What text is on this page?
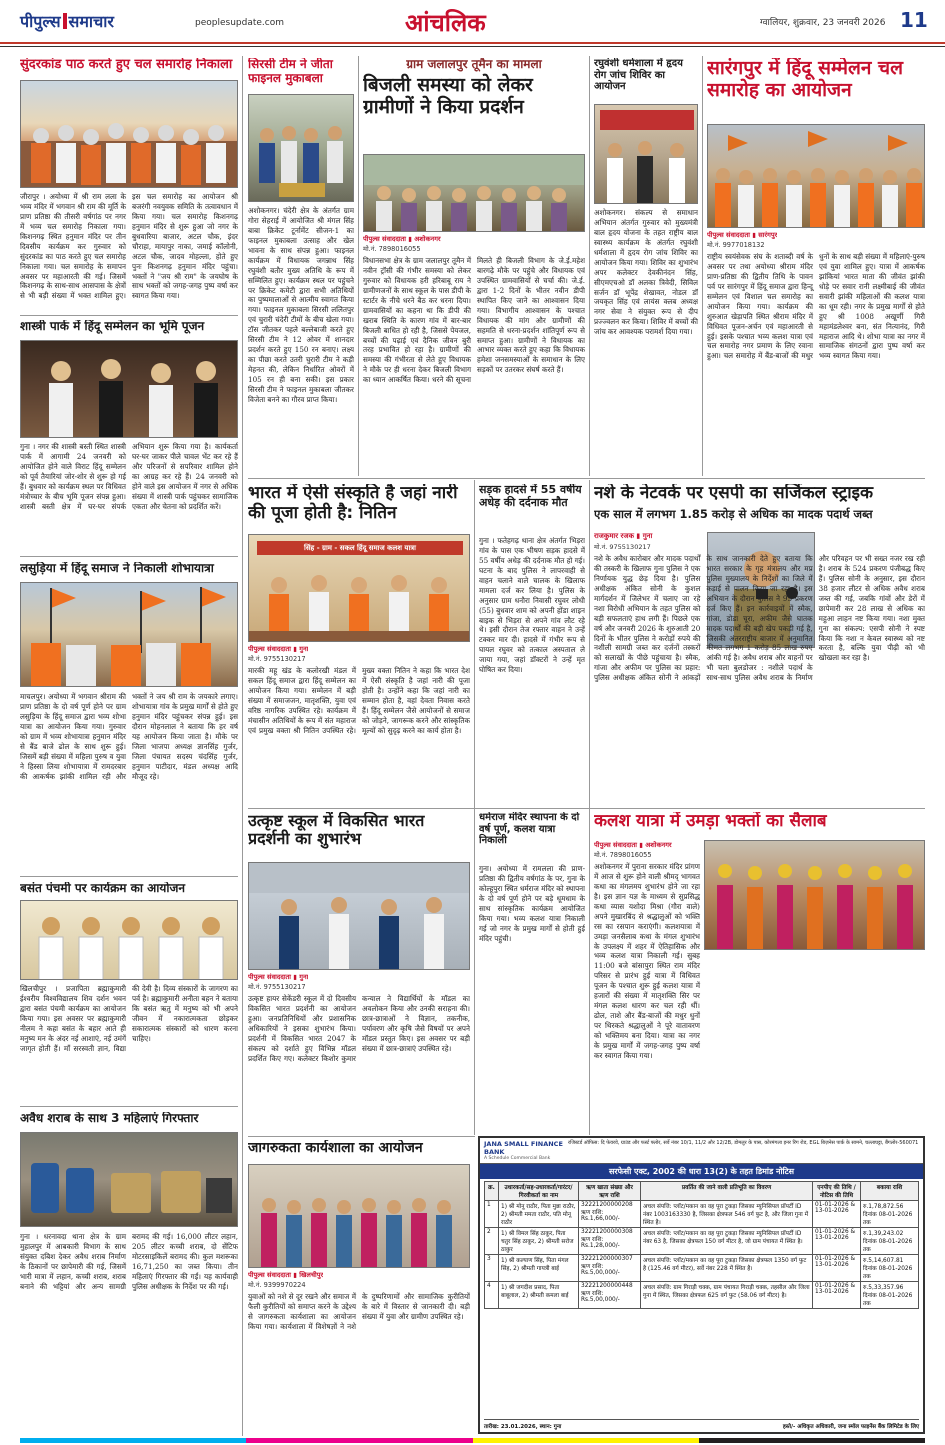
पीपुल्स समाचार	peoplesupdate.com	आंचलिक	ग्वालियर, शुक्रवार, 23 जनवरी 2026 11
सुंदरकांड पाठ करते हुए चल समारोह निकाला
जीरापुर । अयोध्या में श्री राम लला के भव्य मंदिर में भगवान श्री राम की मूर्ति के प्राण प्रतिष्ठा की तीसरी वर्षगांठ पर नगर में भव्य चल समारोह निकाला गया। किशनगढ़ स्थित हनुमान मंदिर पर तीन दिवसीय कार्यक्रम कर गुरुवार को सुंदरकांड का पाठ करते हुए चल समारोह निकाला गया। चल समारोह के समापन अवसर पर महाआरती की गई। जिसमें किशनगढ़ के साथ-साथ आसपास के क्षेत्रों से भी बड़ी संख्या में भक्त शामिल हुए। इस चल समारोह का आयोजन श्री बजरंगी नवयुवक समिति के तत्वावधान में किया गया। चल समारोह किशनगढ़ हनुमान मंदिर से शुरू हुआ जो नगर के बुधवारिया बाजार, अटल चौक, इंदर चौराहा, मायापुर नाका, जमाई कॉलोनी, अटल चौक, जादव मोहल्ला, होते हुए पुनः किशनगढ़ हनुमान मंदिर पहुंचा। भक्तों ने "जय श्री राम" के जयघोष के साथ भक्तों को जगह-जगह पुष्प वर्षा कर स्वागत किया गया।
शास्त्री पार्क में हिंदू सम्मेलन का भूमि पूजन
गुना । नगर की शास्त्री बस्ती स्थित शास्त्री पार्क में आगामी 24 जनवरी को आयोजित होने वाले विराट हिंदू सम्मेलन को पूर्व तैयारियां जोर-शोर से शुरू हो गई हैं। बुधवार को कार्यक्रम स्थल पर विधिवत मंत्रोच्चार के बीच भूमि पूजन संपन्न हुआ। शास्त्री बस्ती क्षेत्र में घर-घर संपर्क अभियान शुरू किया गया है। कार्यकर्ता घर-घर जाकर पीले चावल भेंट कर रहे हैं और परिजनों से सपरिवार शामिल होने का आग्रह कर रहे हैं। 24 जनवरी को होने वाले इस आयोजन में नगर से अधिक संख्या में शास्त्री पार्क पहुंचकर सामाजिक एकता और चेतना को प्रदर्शित करें।
लसुड़िया में हिंदू समाज ने निकाली शोभायात्रा
माचलपुर। अयोध्या में भगवान श्रीराम की प्राण प्रतिष्ठा के दो वर्ष पूर्ण होने पर ग्राम लसुड़िया के हिंदू समाज द्वारा भव्य शोभा यात्रा का आयोजन किया गया। गुरुवार को ग्राम में भव्य शोभायात्रा हनुमान मंदिर से बैंड बाजे ढोल के साथ शुरू हुई। जिसमें बड़ी संख्या में महिला पुरुष व युवा ने हिस्सा लिया शोभायात्रा में रामदरबार की आकर्षक झांकी शामिल रही और भक्तों ने जय श्री राम के जयकारे लगाए। शोभायात्रा गांव के प्रमुख मार्गों से होते हुए हनुमान मंदिर पहुंचकर संपन्न हुई। इस दौरान मोहनलाल ने बताया कि हर वर्ष यह आयोजन किया जाता है। मौके पर जिला भाजपा अध्यक्ष ज्ञानसिंह गुर्जर, जिला पंचायत सदस्य चंदसिंह गुर्जर, हनुमान पाटीदार, मंडल अध्यक्ष आदि मौजूद रहे।
बसंत पंचमी पर कार्यक्रम का आयोजन
खिलचीपुर । प्रजापिता ब्रह्माकुमारी ईश्वरीय विश्वविद्यालय शिव दर्शन भवन द्वारा बसंत पंचमी कार्यक्रम का आयोजन किया गया। इस अवसर पर ब्रह्माकुमारी नीलम ने कहा बसंत के बहार आते ही मनुष्य मन के अंदर नई आशाएं, नई उमंगें जागृत होती हैं। माँ सरस्वती ज्ञान, विद्या की देवी है। दिव्य संस्कारों के जागरण का पर्व है। ब्रह्माकुमारी अनीता बहन ने बताया कि बसंत ऋतु में मनुष्य को भी अपने जीवन में नकारात्मकता छोड़कर सकारात्मक संस्कारों को धारण करना चाहिए।
अवैध शराब के साथ 3 महिलाएं गिरफ्तार
गुना । धरनावदा थाना क्षेत्र के ग्राम मुहालपुर में आबकारी विभाग के साथ संयुक्त दबिश देकर अवैध शराब निर्माण के ठिकानों पर छापेमारी की गई, जिसमें भारी मात्रा में लहान, कच्ची शराब, शराब बनाने की भट्टियां और अन्य सामग्री बरामद की गई। 16,000 लीटर लहान, 205 लीटर कच्ची शराब, दो सेंटिफ मोटरसाइकिलें बरामद की। कुल मशरूका 16,71,250 का जब्त किया। तीन महिलाएं गिरफ्तार की गईं। यह कार्यवाही पुलिस अधीक्षक के निर्देश पर की गई।
सिरसी टीम ने जीता फाइनल मुकाबला
अशोकनगर। चंदेरी क्षेत्र के अंतर्गत ग्राम गोरा सेहराई में आयोजित श्री मंगल सिंह बाबा क्रिकेट टूर्नामेंट सीजन-1 का फाइनल मुकाबला उत्साह और खेल भावना के साथ संपन्न हुआ। फाइनल कार्यक्रम में विधायक जगन्नाथ सिंह रघुवंशी बतौर मुख्य अतिथि के रूप में सम्मिलित हुए। कार्यक्रम स्थल पर पहुंचने पर क्रिकेट कमेटी द्वारा सभी अतिथियों का पुष्पमालाओं से आत्मीय स्वागत किया गया। फाइनल मुकाबला सिरसी ललितपुर एवं चुरारी चंदेरी टीमों के बीच खेला गया। टॉस जीतकर पहले बल्लेबाजी करते हुए सिरसी टीम ने 12 ओवर में शानदार प्रदर्शन करते हुए 150 रन बनाए। लक्ष्य का पीछा करते उतरी चुरारी टीम ने कड़ी मेहनत की, लेकिन निर्धारित ओवरों में 105 रन ही बना सकी। इस प्रकार सिरसी टीम ने फाइनल मुकाबला जीतकर विजेता बनने का गौरव प्राप्त किया।
ग्राम जलालपुर तूमैन का मामला
बिजली समस्या को लेकर ग्रामीणों ने किया प्रदर्शन
पीपुल्स संवाददाता ▮ अशोकनगर
मो.नं. 7898016055
विधानसभा क्षेत्र के ग्राम जलालपुर तूमैन में नवीन ट्रॉसी की गंभीर समस्या को लेकर गुरुवार को विधायक हरी हरिबाबू राय ने ग्रामीणजनों के साथ स्कूल के पास डीपी के स्टार्टर के नीचे धरने बैठ कर धरना दिया। ग्रामवासियों का कहना था कि डीपी की खराब स्थिति के कारण गांव में बार-बार बिजली बाधित हो रही है, जिससे पेयजल, बच्चों की पढ़ाई एवं दैनिक जीवन बुरी तरह प्रभावित हो रहा है। ग्रामीणों की समस्या की गंभीरता से लेते हुए विधायक ने मौके पर ही धरना देकर बिजली विभाग का ध्यान आकर्षित किया। धरने की सूचना मिलते ही बिजली विभाग के जे.ई.महेश बारगढ़े मौके पर पहुंचे और विधायक एवं उपस्थित ग्रामवासियों से चर्चा की। जे.ई. द्वारा 1-2 दिनों के भीतर नवीन डीपी स्थापित किए जाने का आश्वासन दिया गया। विभागीय आश्वासन के पश्चात विधायक की मांग और ग्रामीणों की सहमति से धरना-प्रदर्शन शांतिपूर्ण रूप से समाप्त हुआ। ग्रामीणों ने विधायक का आभार व्यक्त करते हुए कहा कि विधायक हमेशा जनसमस्याओं के समाधान के लिए सड़कों पर उतरकर संघर्ष करते हैं।
रघुवंशी धर्मशाला में हृदय रोग जांच शिविर का आयोजन
अशोकनगर। संकल्प से समाधान अभियान अंतर्गत गुरुवार को मुख्यमंत्री बाल हृदय योजना के तहत राष्ट्रीय बाल स्वास्थ्य कार्यक्रम के अंतर्गत रघुवंशी धर्मशाला में हृदय रोग जांच शिविर का आयोजन किया गया। शिविर का शुभारंभ अपर कलेक्टर देवकीनंदन सिंह, सीएमएचओ डॉ अलका त्रिवेदी, सिविल सर्जन डॉ भूपेंद्र शेखावत, नोडल डॉ जयकृत सिंह एवं लायंस क्लब अध्यक्ष नगर सेवा ने संयुक्त रूप से दीप प्रज्ज्वलन कर किया। शिविर में बच्चों की जांच कर आवश्यक परामर्श दिया गया।
सारंगपुर में हिंदू सम्मेलन चल समारोह का आयोजन
पीपुल्स संवाददाता ▮ सारंगपुर
मो.नं. 9977018132
राष्ट्रीय स्वयंसेवक संघ के शताब्दी वर्ष के अवसर पर तथा अयोध्या श्रीराम मंदिर प्राण-प्रतिष्ठा की द्वितीय तिथि के पावन पर्व पर सारंगपुर में हिंदू समाज द्वारा हिन्दू सम्मेलन एवं विशाल चल समारोह का आयोजन किया गया। कार्यक्रम की शुरुआत खेड़ापति स्थित श्रीराम मंदिर में विधिवत पूजन-अर्चन एवं महाआरती से हुई। इसके पश्चात भव्य कलश यात्रा एवं चल समारोह नगर प्रमाण के लिए रवाना हुआ। चल समारोह में बैंड-बाजों की मधुर धुनों के साथ बड़ी संख्या में महिलाएं-पुरुष एवं युवा शामिल हुए। यात्रा में आकर्षक झांकियां भारत माता की जीवंत झांकी धोड़े पर सवार रानी लक्ष्मीबाई की जीवंत सवारी झांकी महिलाओं की कलश यात्रा का धूम रही। नगर के प्रमुख मार्गों से होते हुए श्री 1008 अखूर्णी गिरी महामंडलेश्वर बना, संत नित्यानंद, गिरी महाराज आदि थे। शोभा यात्रा का नगर में सामाजिक संगठनों द्वारा पुष्प वर्षा कर भव्य स्वागत किया गया।
भारत में ऐसी संस्कृति है जहां नारी की पूजा होती है: नितिन
सिंह - ग्राम - सकल हिंदू समाज कलश यात्रा
पीपुल्स संवाददाता ▮ गुना
मो.नं. 9755130217
मारकी महू खंड के कलोरखी मंडल में सकल हिंदू समाज द्वारा हिंदू सम्मेलन का आयोजन किया गया। सम्मेलन में बड़ी संख्या में समाजजन, मातृशक्ति, युवा एवं वरिष्ठ नागरिक उपस्थित रहे। कार्यक्रम में मंचासीन अतिथियों के रूप में संत महाराज एवं प्रमुख वक्ता श्री नितिन उपस्थित रहे। मुख्य वक्ता नितिन ने कहा कि भारत देश में ऐसी संस्कृति है जहां नारी की पूजा होती है। उन्होंने कहा कि जहां नारी का सम्मान होता है, वहां देवता निवास करते हैं। हिंदू सम्मेलन जैसे आयोजनों से समाज को जोड़ने, जागरूक करने और सांस्कृतिक मूल्यों को सुदृढ़ करने का कार्य होता है।
सड़क हादसे में 55 वर्षीय अधेड़ की दर्दनाक मौत
गुना । फतेहगढ़ थाना क्षेत्र अंतर्गत भिड़रा गांव के पास एक भीषण सड़क हादसे में 55 वर्षीय अधेड़ की दर्दनाक मौत हो गई। घटना के बाद पुलिस ने लापरवाही से वाहन चलाने वाले चालक के खिलाफ मामला दर्ज कर लिया है। पुलिस के अनुसार ग्राम धनौरा निवासी रघुवर लोधी (55) बुधवार शाम को अपनी होंडा शाइन बाइक से भिड़रा से अपने गांव लौट रहे थे। इसी दौरान तेज रफ्तार वाहन ने उन्हें टक्कर मार दी। हादसे में गंभीर रूप से घायल रघुवर को तत्काल अस्पताल ले जाया गया, जहां डॉक्टरों ने उन्हें मृत घोषित कर दिया।
नशे के नेटवर्क पर एसपी का सर्जिकल स्ट्राइक
एक साल में लगभग 1.85 करोड़ से अधिक का मादक पदार्थ जब्त
राजकुमार रजक ▮ गुना
मो.नं. 9755130217
नशे के अवैध कारोबार और मादक पदार्थों की तस्करी के खिलाफ गुना पुलिस ने एक निर्णायक युद्ध छेड़ दिया है। पुलिस अधीक्षक अंकित सोनी के कुशल मार्गदर्शन में जिलेभर में चलाए जा रहे नशा विरोधी अभियान के तहत पुलिस को बड़ी सफलताएं हाथ लगी हैं। पिछले एक वर्ष और जनवरी 2026 के शुरुआती 20 दिनों के भीतर पुलिस ने करोड़ों रुपये की नशीली सामग्री जब्त कर दर्जनों तस्करों को सलाखों के पीछे पहुंचाया है। स्मैक, गांजा और अफीम पर पुलिस का प्रहार: पुलिस अधीक्षक अंकित सोनी ने आंकड़ों के साथ जानकारी देते हुए बताया कि भारत सरकार के गृह मंत्रालय और मप्र पुलिस मुख्यालय के निर्देशों का जिले में कड़ाई से पालन किया जा रहा है। इस अभियान के दौरान पुलिस ने 95 प्रकरण दर्ज किए हैं। इन कार्रवाइयों में स्मैक, गांजा, डोडा चूरा, अफीम जैसे घातक मादक पदार्थों की बड़ी खेप पकड़ी गई है, जिसकी अंतरराष्ट्रीय बाजार में अनुमानित कीमत लगभग 1 करोड़ 85 लाख रुपए आंकी गई है। अवैध शराब और वाहनों पर भी चला बुलडोजर : नशीले पदार्थ के साथ-साथ पुलिस अवैध शराब के निर्माण और परिवहन पर भी सख्त नजर रख रही है। शराब के 524 प्रकरण पंजीबद्ध किए हैं। पुलिस सोनी के अनुसार, इस दौरान 38 हजार लीटर से अधिक अवैध शराब जब्त की गई, जबकि गांवों और डेरों में छापेमारी कर 28 लाख से अधिक का महुआ लाहन नष्ट किया गया। नशा मुक्त गुना का संकल्प: एसपी सोनी ने स्पष्ट किया कि नशा न केवल स्वास्थ्य को नष्ट करता है, बल्कि युवा पीढ़ी को भी खोखला कर रहा है।
उत्कृष्ट स्कूल में विकसित भारत प्रदर्शनी का शुभारंभ
पीपुल्स संवाददाता ▮ गुना
मो.नं. 9755130217
उत्कृष्ट हायर सेकेंडरी स्कूल में दो दिवसीय विकसित भारत प्रदर्शनी का आयोजन हुआ। जनप्रतिनिधियों और प्रशासनिक अधिकारियों ने इसका शुभारंभ किया। प्रदर्शनी में विकसित भारत 2047 के संकल्प को दर्शाते हुए विभिन्न मॉडल प्रदर्शित किए गए। कलेक्टर किशोर कुमार कन्याल ने विद्यार्थियों के मॉडल का अवलोकन किया और उनकी सराहना की। छात्र-छात्राओं ने विज्ञान, तकनीक, पर्यावरण और कृषि जैसे विषयों पर अपने मॉडल प्रस्तुत किए। इस अवसर पर बड़ी संख्या में छात्र-छात्राएं उपस्थित रहे।
धर्मराज मंदिर स्थापना के दो वर्ष पूर्ण, कलश यात्रा निकाली
गुना। अयोध्या में रामलला की प्राण-प्रतिष्ठा की द्वितीय वर्षगांठ के पर, गुना के कोल्हूपुरा स्थित धर्मराज मंदिर को स्थापना के दो वर्ष पूर्ण होने पर बड़े धूमधाम के साथ सांस्कृतिक कार्यक्रम आयोजित किया गया। भव्य कलश यात्रा निकाली गई जो नगर के प्रमुख मार्गों से होती हुई मंदिर पहुंची।
कलश यात्रा में उमड़ा भक्तों का सैलाब
पीपुल्स संवाददाता ▮ अशोकनगर
मो.नं. 7898016055
अशोकनगर में पुराना सरकार मंदिर प्रांगण में आज से शुरू होने वाली श्रीमद् भागवत कथा का मंगलमय शुभारंभ होने जा रहा है। इस ज्ञान यज्ञ के माध्यम से सुप्रसिद्ध कथा व्यास यशोदा मिश्रा (गौरा वाले) अपने मुखारबिंद से श्रद्धालुओं को भक्ति रस का रसपान कराएंगी। कलशयात्रा में उमड़ा जनसैलाब कथा के मंगल शुभारंभ के उपलक्ष्य में शहर में ऐतिहासिक और भव्य कलश यात्रा निकाली गई। सुबह 11:00 बजे बांसापुरा स्थित राम मंदिर परिसर से प्रारंभ हुई यात्रा में विधिवत पूजन के पश्चात शुरू हुई कलश यात्रा में हजारों की संख्या में मातृशक्ति सिर पर मंगल कलश धारण कर चल रही थीं। ढोल, ताशे और बैंड-बाजों की मधुर धुनों पर थिरकते श्रद्धालुओं ने पूरे वातावरण को भक्तिमय बना दिया। यात्रा का नगर के प्रमुख मार्गों में जगह-जगह पुष्प वर्षा कर स्वागत किया गया।
जागरुकता कार्यशाला का आयोजन
पीपुल्स संवाददाता ▮ खिलचीपुर
मो.नं. 9399970224
युवाओं को नशे से दूर रखने और समाज में फैली कुरीतियों को समाप्त करने के उद्देश्य से जागरुकता कार्यशाला का आयोजन किया गया। कार्यशाला में विशेषज्ञों ने नशे के दुष्परिणामों और सामाजिक कुरीतियों के बारे में विस्तार से जानकारी दी। बड़ी संख्या में युवा और ग्रामीण उपस्थित रहे।
JANA SMALL FINANCE BANK
A Schedule Commercial Bank
रजिस्टर्ड ऑफिस: दि फेयरवे, ग्राउंड और फर्स्ट फ्लोर, सर्वे नंबर 10/1, 11/2 और 12/2B, डोमलुर के पास, कोरमंगला इनर रिंग रोड, EGL बिज़नेस पार्क के सामने, चल्लाघट्टा, बैंगलोर-560071
सरफेसी एक्ट, 2002 की धारा 13(2) के तहत डिमांड नोटिस
क्र.	उधारकर्ता/सह-उधारकर्ता/गारंटर/गिरवीकर्ता का नाम	ऋण खाता संख्या और ऋण राशि	प्रवर्तित की जाने वाली प्रतिभूति का विवरण	एनपीए की तिथि / नोटिस की तिथि	बकाया राशि
1	1) श्री मोनू राठौर, पिता मुन्ना राठौर, 2) श्रीमती ममता राठौर, पति मोनू राठौर	32221200000208 ऋण राशि: Rs.1,66,000/-	अचल संपत्ति: प्लॉट/मकान का वह पूरा टुकड़ा जिसका म्युनिसिपल प्रॉपर्टी ID नंबर 1003163330 है, जिसका क्षेत्रफल 546 वर्ग फुट है, और जिला गुना में स्थित है।	01-01-2026 & 13-01-2026	रु.1,78,872.56 दिनांक 08-01-2026 तक
2	1) श्री विमल सिंह ठाकुर, पिता चतुर सिंह ठाकुर, 2) श्रीमती सरोज ठाकुर	32221200000308 ऋण राशि: Rs.1,28,000/-	अचल संपत्ति: प्लॉट/मकान का वह पूरा टुकड़ा जिसका म्युनिसिपल प्रॉपर्टी ID नंबर 63 है, जिसका क्षेत्रफल 150 वर्ग मीटर है, जो ग्राम पंचायत में स्थित है।	01-01-2026 & 13-01-2026	रु.1,39,243.02 दिनांक 08-01-2026 तक
3	1) श्री कल्याण सिंह, पिता मंगल सिंह, 2) श्रीमती गायत्री बाई	32221200000307 ऋण राशि: Rs.5,00,000/-	अचल संपत्ति: प्लॉट/मकान का वह पूरा टुकड़ा जिसका क्षेत्रफल 1350 वर्ग फुट है (125.46 वर्ग मीटर), सर्वे नंबर 228 में स्थित है।	01-01-2026 & 13-01-2026	रु.5,14,607.81 दिनांक 08-01-2026 तक
4	1) श्री जगदीश प्रसाद, पिता बाबूलाल, 2) श्रीमती कमला बाई	32221200000448 ऋण राशि: Rs.5,00,000/-	अचल संपत्ति: ग्राम गिराड़ी चक्क, ग्राम पंचायत गिराड़ी चक्क, तहसील और जिला गुना में स्थित, जिसका क्षेत्रफल 625 वर्ग फुट (58.06 वर्ग मीटर) है।	01-01-2026 & 13-01-2026	रु.5,33,357.96 दिनांक 08-01-2026 तक
तारीख: 23.01.2026, स्थान: गुना	हस्ते/- अधिकृत अधिकारी, जना स्मॉल फाइनेंस बैंक लिमिटेड के लिए
